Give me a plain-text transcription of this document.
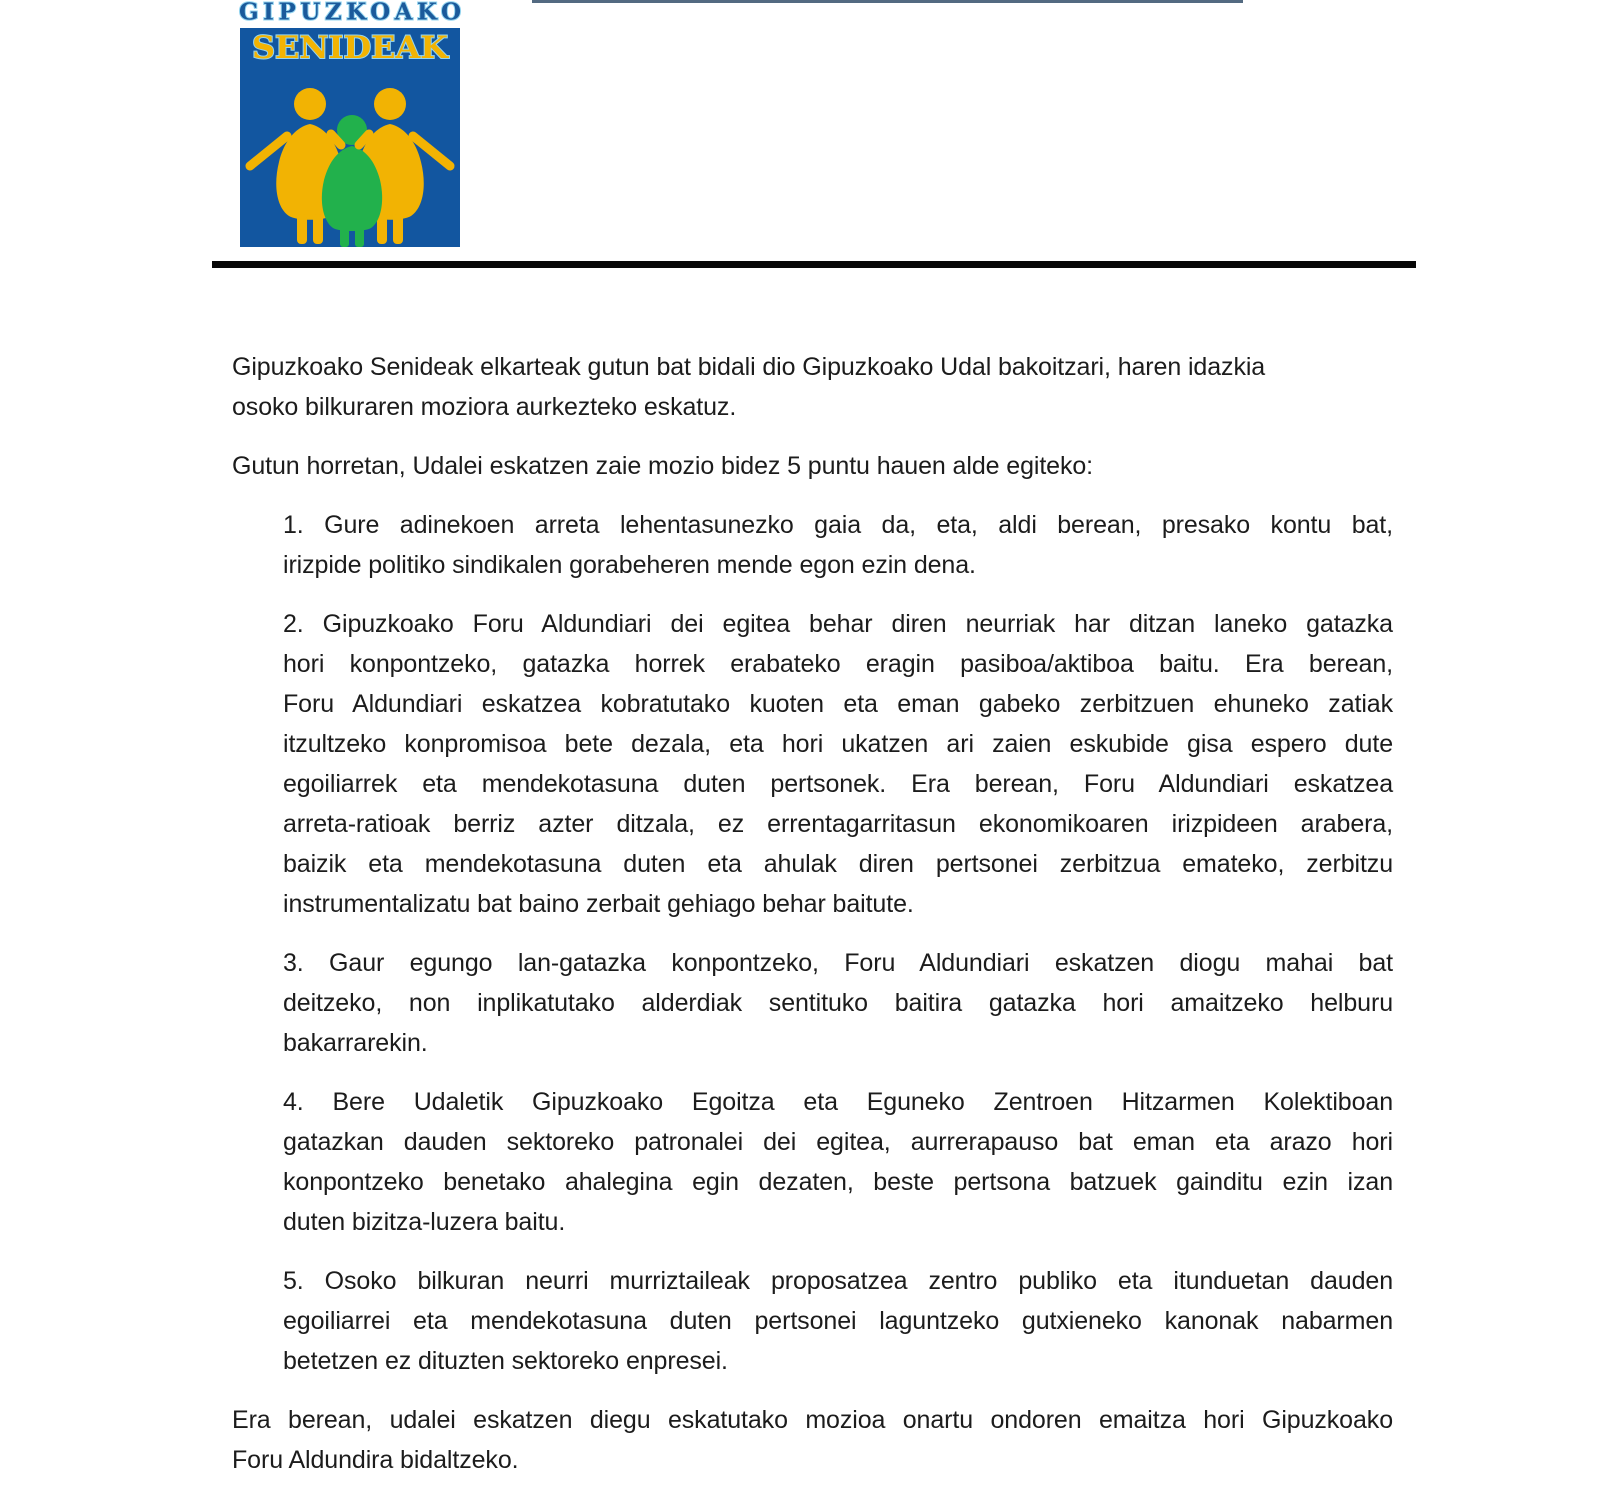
GIPUZKOAKO
SENIDEAK
Gipuzkoako Senideak elkarteak gutun bat bidali dio Gipuzkoako Udal bakoitzari, haren idazkia
osoko bilkuraren moziora aurkezteko eskatuz.
Gutun horretan, Udalei eskatzen zaie mozio bidez 5 puntu hauen alde egiteko:
1. Gure adinekoen arreta lehentasunezko gaia da, eta, aldi berean, presako kontu bat,
irizpide politiko sindikalen gorabeheren mende egon ezin dena.
2. Gipuzkoako Foru Aldundiari dei egitea behar diren neurriak har ditzan laneko gatazka
hori konpontzeko, gatazka horrek erabateko eragin pasiboa/aktiboa baitu. Era berean,
Foru Aldundiari eskatzea kobratutako kuoten eta eman gabeko zerbitzuen ehuneko zatiak
itzultzeko konpromisoa bete dezala, eta hori ukatzen ari zaien eskubide gisa espero dute
egoiliarrek eta mendekotasuna duten pertsonek. Era berean, Foru Aldundiari eskatzea
arreta-ratioak berriz azter ditzala, ez errentagarritasun ekonomikoaren irizpideen arabera,
baizik eta mendekotasuna duten eta ahulak diren pertsonei zerbitzua emateko, zerbitzu
instrumentalizatu bat baino zerbait gehiago behar baitute.
3. Gaur egungo lan-gatazka konpontzeko, Foru Aldundiari eskatzen diogu mahai bat
deitzeko, non inplikatutako alderdiak sentituko baitira gatazka hori amaitzeko helburu
bakarrarekin.
4. Bere Udaletik Gipuzkoako Egoitza eta Eguneko Zentroen Hitzarmen Kolektiboan
gatazkan dauden sektoreko patronalei dei egitea, aurrerapauso bat eman eta arazo hori
konpontzeko benetako ahalegina egin dezaten, beste pertsona batzuek gainditu ezin izan
duten bizitza-luzera baitu.
5. Osoko bilkuran neurri murriztaileak proposatzea zentro publiko eta itunduetan dauden
egoiliarrei eta mendekotasuna duten pertsonei laguntzeko gutxieneko kanonak nabarmen
betetzen ez dituzten sektoreko enpresei.
Era berean, udalei eskatzen diegu eskatutako mozioa onartu ondoren emaitza hori Gipuzkoako
Foru Aldundira bidaltzeko.
